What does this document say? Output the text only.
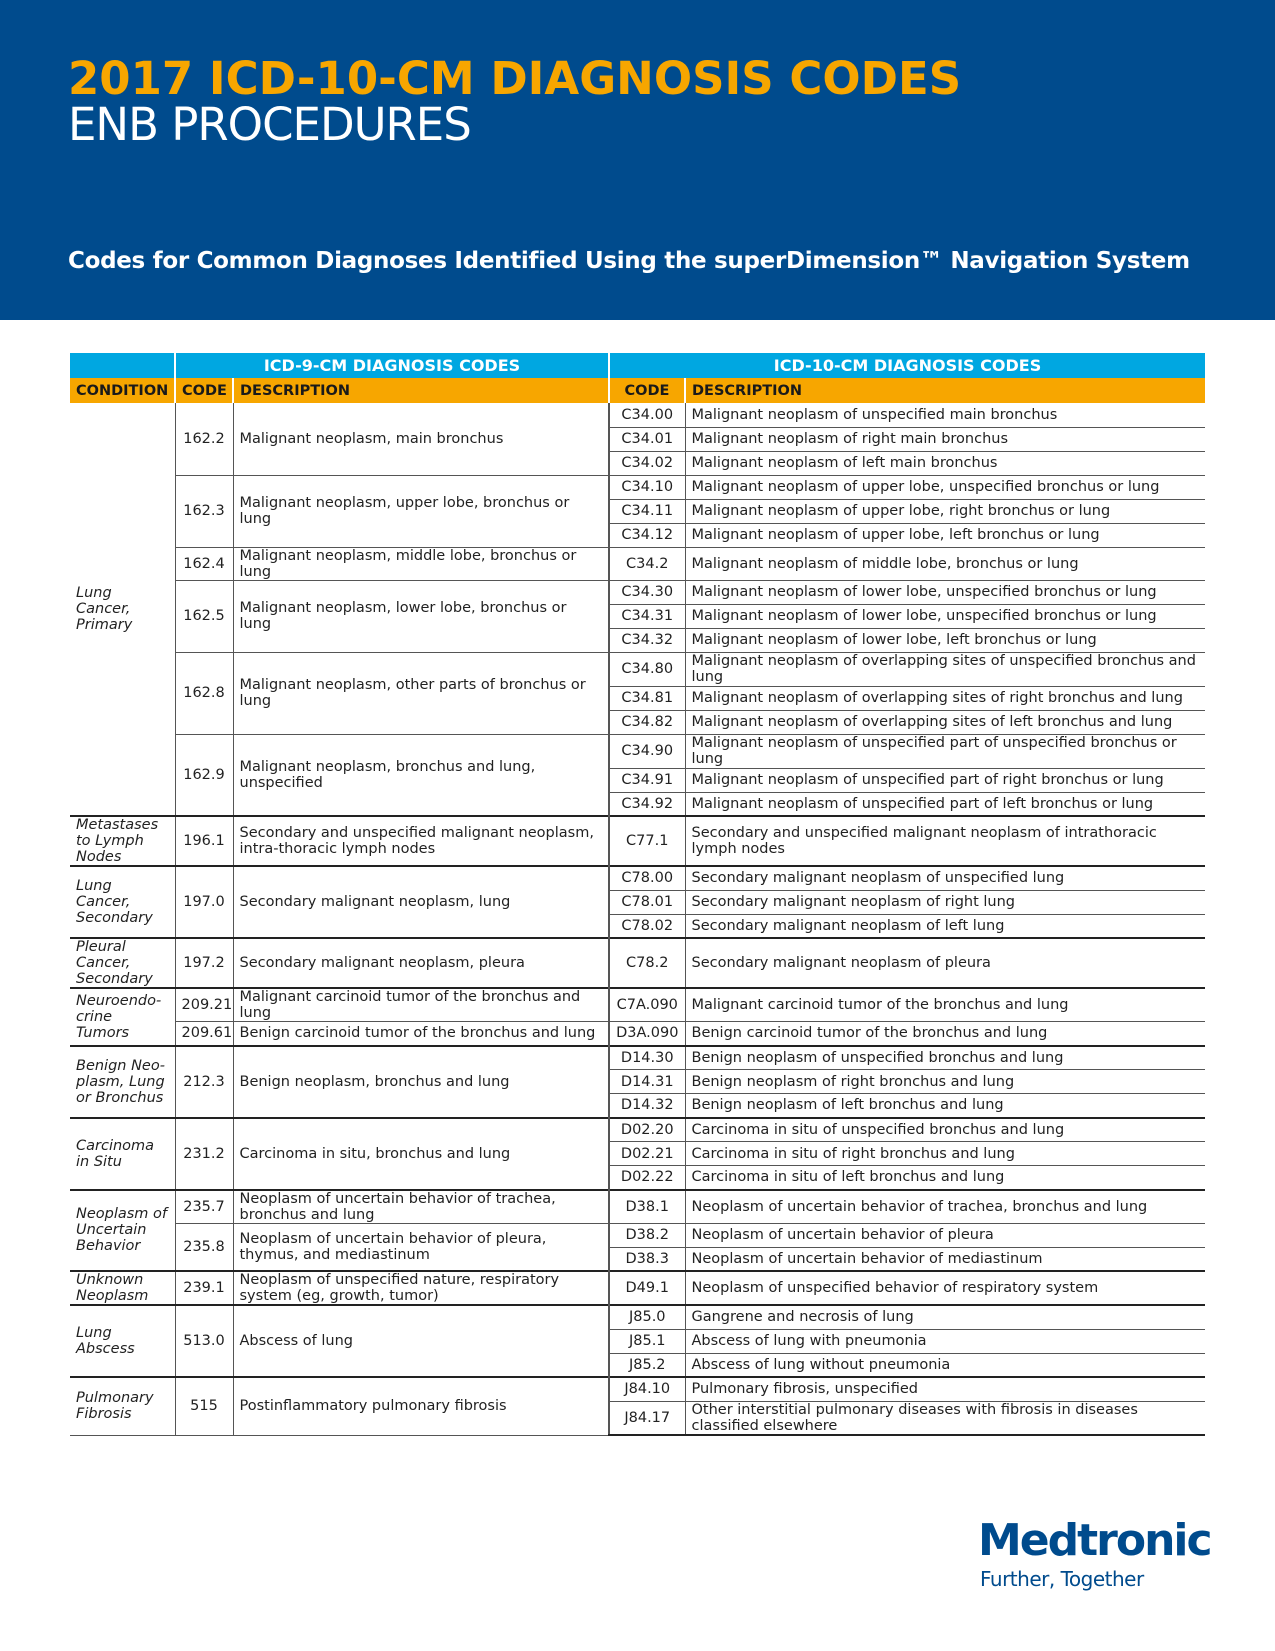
2017 ICD-10-CM DIAGNOSIS CODES
ENB PROCEDURES
Codes for Common Diagnoses Identified Using the superDimension™ Navigation System
	ICD-9-CM DIAGNOSIS CODES		ICD-10-CM DIAGNOSIS CODES	
CONDITION	CODE	DESCRIPTION	CODE	DESCRIPTION
Lung Cancer, Primary	162.2	Malignant neoplasm, main bronchus	C34.00	Malignant neoplasm of unspecified main bronchus
			C34.01	Malignant neoplasm of right main bronchus
			C34.02	Malignant neoplasm of left main bronchus
	162.3	Malignant neoplasm, upper lobe, bronchus or lung	C34.10	Malignant neoplasm of upper lobe, unspecified bronchus or lung
			C34.11	Malignant neoplasm of upper lobe, right bronchus or lung
			C34.12	Malignant neoplasm of upper lobe, left bronchus or lung
	162.4	Malignant neoplasm, middle lobe, bronchus or lung	C34.2	Malignant neoplasm of middle lobe, bronchus or lung
	162.5	Malignant neoplasm, lower lobe, bronchus or lung	C34.30	Malignant neoplasm of lower lobe, unspecified bronchus or lung
			C34.31	Malignant neoplasm of lower lobe, unspecified bronchus or lung
			C34.32	Malignant neoplasm of lower lobe, left bronchus or lung
	162.8	Malignant neoplasm, other parts of bronchus or lung	C34.80	Malignant neoplasm of overlapping sites of unspecified bronchus and lung
			C34.81	Malignant neoplasm of overlapping sites of right bronchus and lung
			C34.82	Malignant neoplasm of overlapping sites of left bronchus and lung
	162.9	Malignant neoplasm, bronchus and lung, unspecified	C34.90	Malignant neoplasm of unspecified part of unspecified bronchus or lung
			C34.91	Malignant neoplasm of unspecified part of right bronchus or lung
			C34.92	Malignant neoplasm of unspecified part of left bronchus or lung
Metastases to Lymph Nodes	196.1	Secondary and unspecified malignant neoplasm, intra-thoracic lymph nodes	C77.1	Secondary and unspecified malignant neoplasm of intrathoracic lymph nodes
Lung Cancer, Secondary	197.0	Secondary malignant neoplasm, lung	C78.00	Secondary malignant neoplasm of unspecified lung
			C78.01	Secondary malignant neoplasm of right lung
			C78.02	Secondary malignant neoplasm of left lung
Pleural Cancer, Secondary	197.2	Secondary malignant neoplasm, pleura	C78.2	Secondary malignant neoplasm of pleura
Neuroendo-crine Tumors	209.21	Malignant carcinoid tumor of the bronchus and lung	C7A.090	Malignant carcinoid tumor of the bronchus and lung
	209.61	Benign carcinoid tumor of the bronchus and lung	D3A.090	Benign carcinoid tumor of the bronchus and lung
Benign Neo-plasm, Lung or Bronchus	212.3	Benign neoplasm, bronchus and lung	D14.30	Benign neoplasm of unspecified bronchus and lung
			D14.31	Benign neoplasm of right bronchus and lung
			D14.32	Benign neoplasm of left bronchus and lung
Carcinoma in Situ	231.2	Carcinoma in situ, bronchus and lung	D02.20	Carcinoma in situ of unspecified bronchus and lung
			D02.21	Carcinoma in situ of right bronchus and lung
			D02.22	Carcinoma in situ of left bronchus and lung
Neoplasm of Uncertain Behavior	235.7	Neoplasm of uncertain behavior of trachea, bronchus and lung	D38.1	Neoplasm of uncertain behavior of trachea, bronchus and lung
	235.8	Neoplasm of uncertain behavior of pleura, thymus, and mediastinum	D38.2	Neoplasm of uncertain behavior of pleura
			D38.3	Neoplasm of uncertain behavior of mediastinum
Unknown Neoplasm	239.1	Neoplasm of unspecified nature, respiratory system (eg, growth, tumor)	D49.1	Neoplasm of unspecified behavior of respiratory system
Lung Abscess	513.0	Abscess of lung	J85.0	Gangrene and necrosis of lung
			J85.1	Abscess of lung with pneumonia
			J85.2	Abscess of lung without pneumonia
Pulmonary Fibrosis	515	Postinflammatory pulmonary fibrosis	J84.10	Pulmonary fibrosis, unspecified
			J84.17	Other interstitial pulmonary diseases with fibrosis in diseases classified elsewhere
Medtronic
Further, Together
